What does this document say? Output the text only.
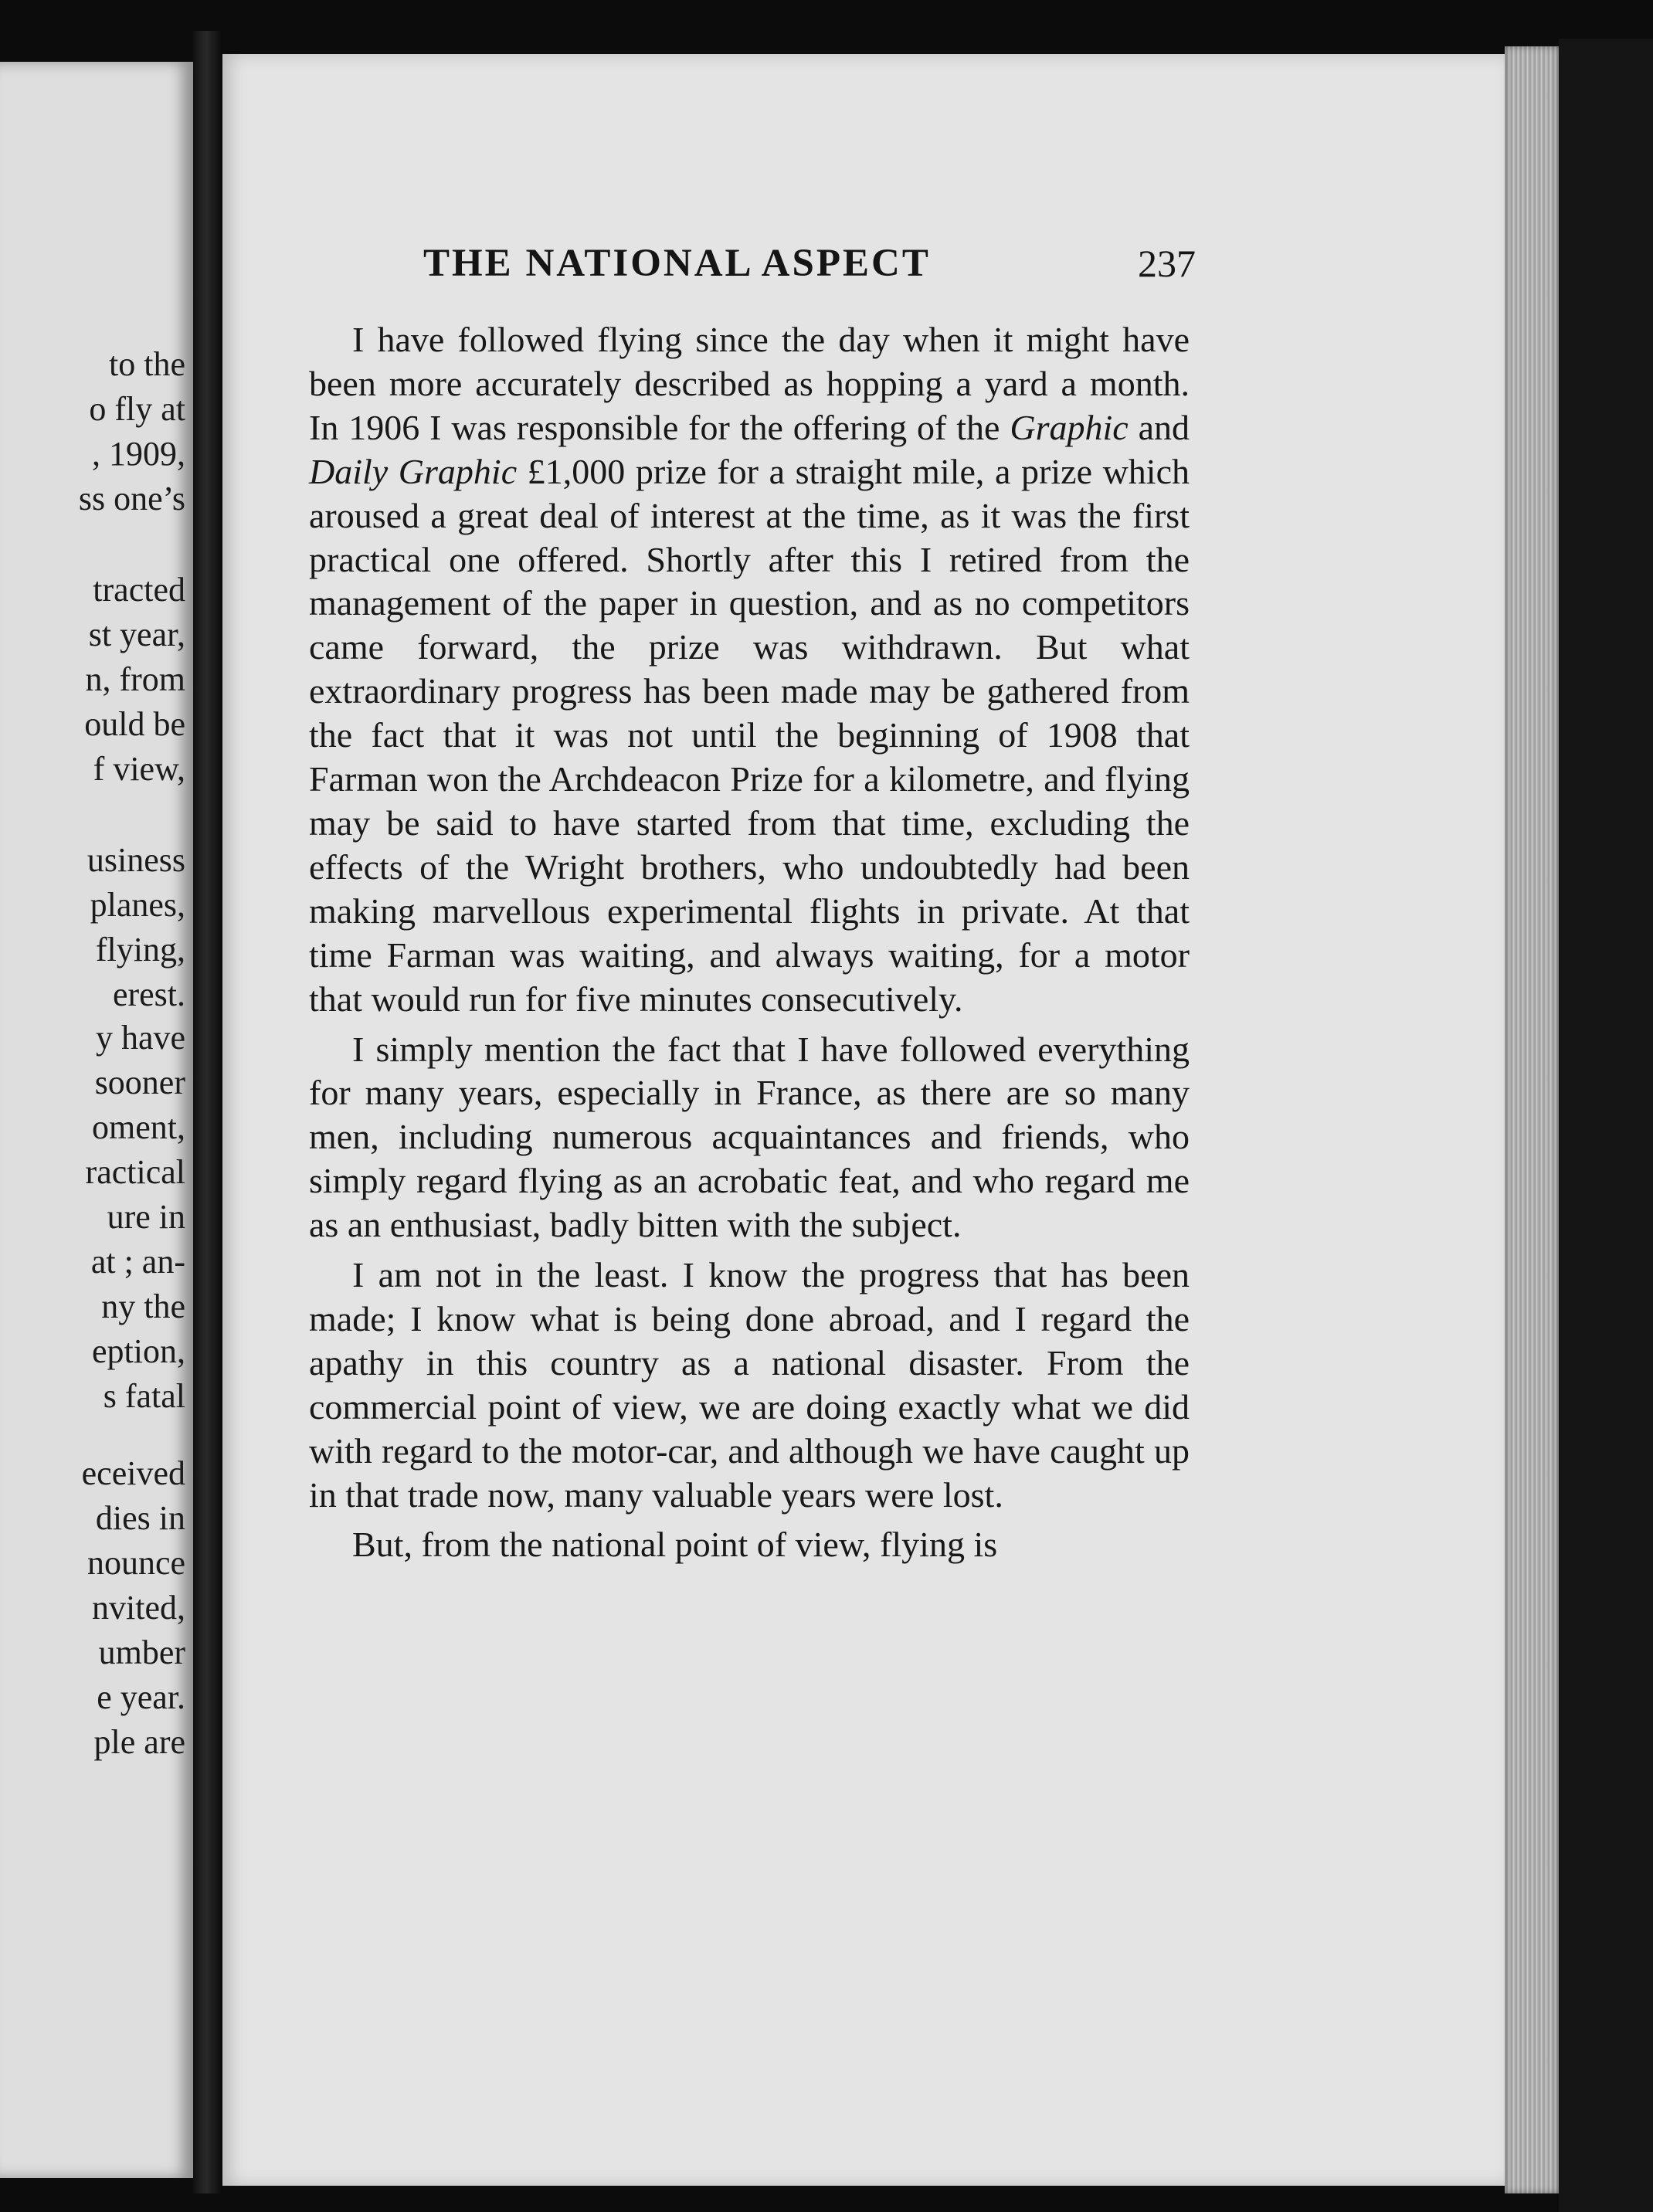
to the
o fly at
, 1909,
ss one’s
tracted
st year,
n, from
ould be
f view,
usiness
planes,
flying,
erest.
y have
sooner
oment,
ractical
ure in
at ; an-
ny the
eption,
s fatal
eceived
dies in
nounce
nvited,
umber
e year.
ple are
THE NATIONAL ASPECT	237

I have followed flying since the day when it might have been more accurately described as hopping a yard a month. In 1906 I was responsible for the offering of the Graphic and Daily Graphic £1,000 prize for a straight mile, a prize which aroused a great deal of interest at the time, as it was the first practical one offered. Shortly after this I retired from the management of the paper in question, and as no competitors came forward, the prize was withdrawn. But what extraordinary progress has been made may be gathered from the fact that it was not until the beginning of 1908 that Farman won the Archdeacon Prize for a kilometre, and flying may be said to have started from that time, excluding the effects of the Wright brothers, who undoubtedly had been making marvellous experimental flights in private. At that time Farman was waiting, and always waiting, for a motor that would run for five minutes consecutively.

I simply mention the fact that I have followed everything for many years, especially in France, as there are so many men, including numerous acquaintances and friends, who simply regard flying as an acrobatic feat, and who regard me as an enthusiast, badly bitten with the subject.

I am not in the least. I know the progress that has been made; I know what is being done abroad, and I regard the apathy in this country as a national disaster. From the commercial point of view, we are doing exactly what we did with regard to the motor-car, and although we have caught up in that trade now, many valuable years were lost.

But, from the national point of view, flying is
